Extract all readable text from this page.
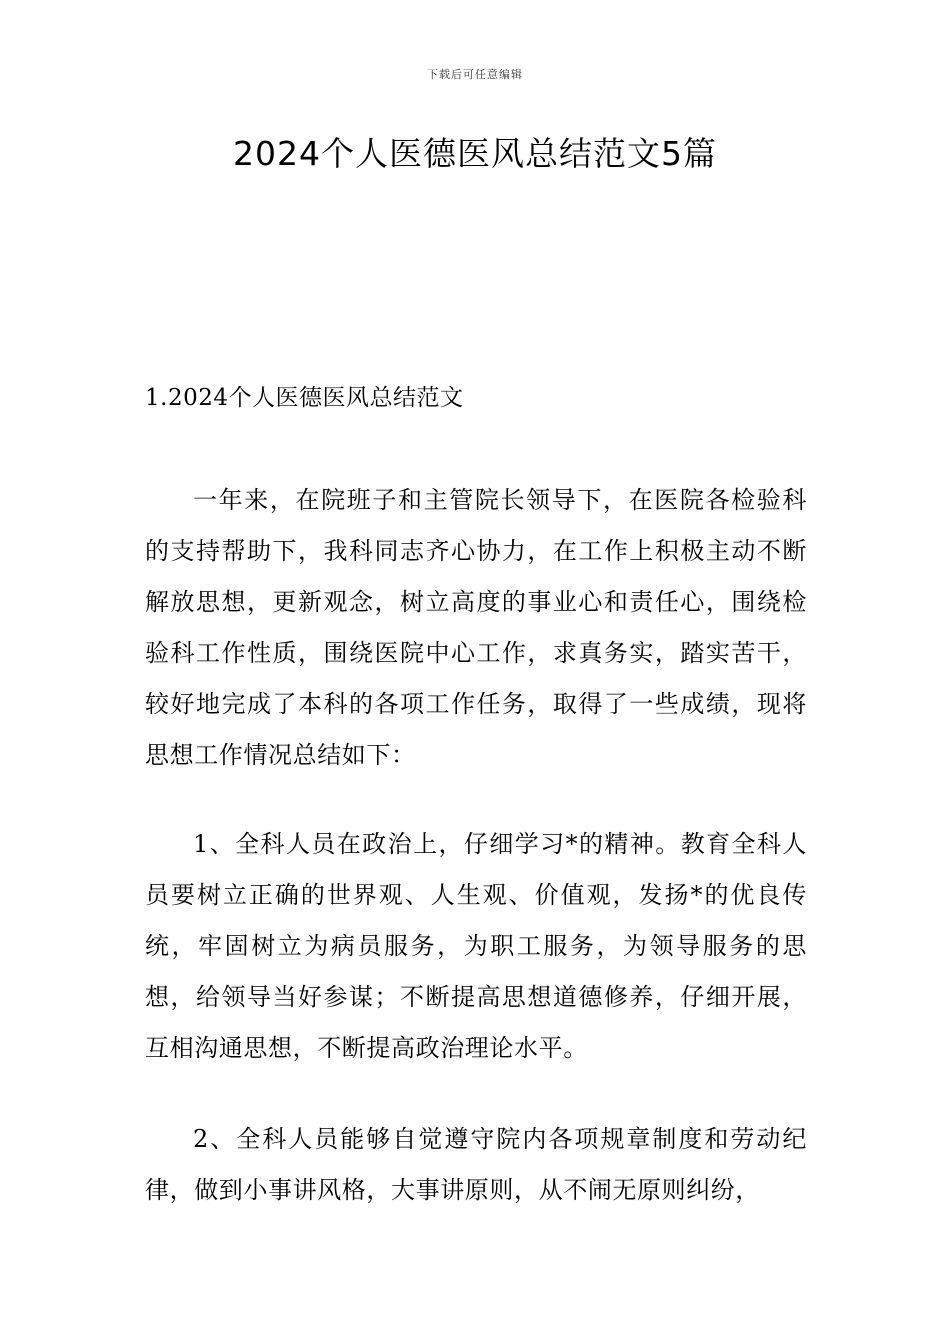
下载后可任意编辑
2024个人医德医风总结范文5篇
1.2024个人医德医风总结范文

一年来，在院班子和主管院长领导下，在医院各检验科的支持帮助下，我科同志齐心协力，在工作上积极主动不断解放思想，更新观念，树立高度的事业心和责任心，围绕检验科工作性质，围绕医院中心工作，求真务实，踏实苦干，较好地完成了本科的各项工作任务，取得了一些成绩，现将思想工作情况总结如下：

1、全科人员在政治上，仔细学习*的精神。教育全科人员要树立正确的世界观、人生观、价值观，发扬*的优良传统，牢固树立为病员服务，为职工服务，为领导服务的思想，给领导当好参谋；不断提高思想道德修养，仔细开展，互相沟通思想，不断提高政治理论水平。

2、全科人员能够自觉遵守院内各项规章制度和劳动纪律，做到小事讲风格，大事讲原则，从不闹无原则纠纷，
